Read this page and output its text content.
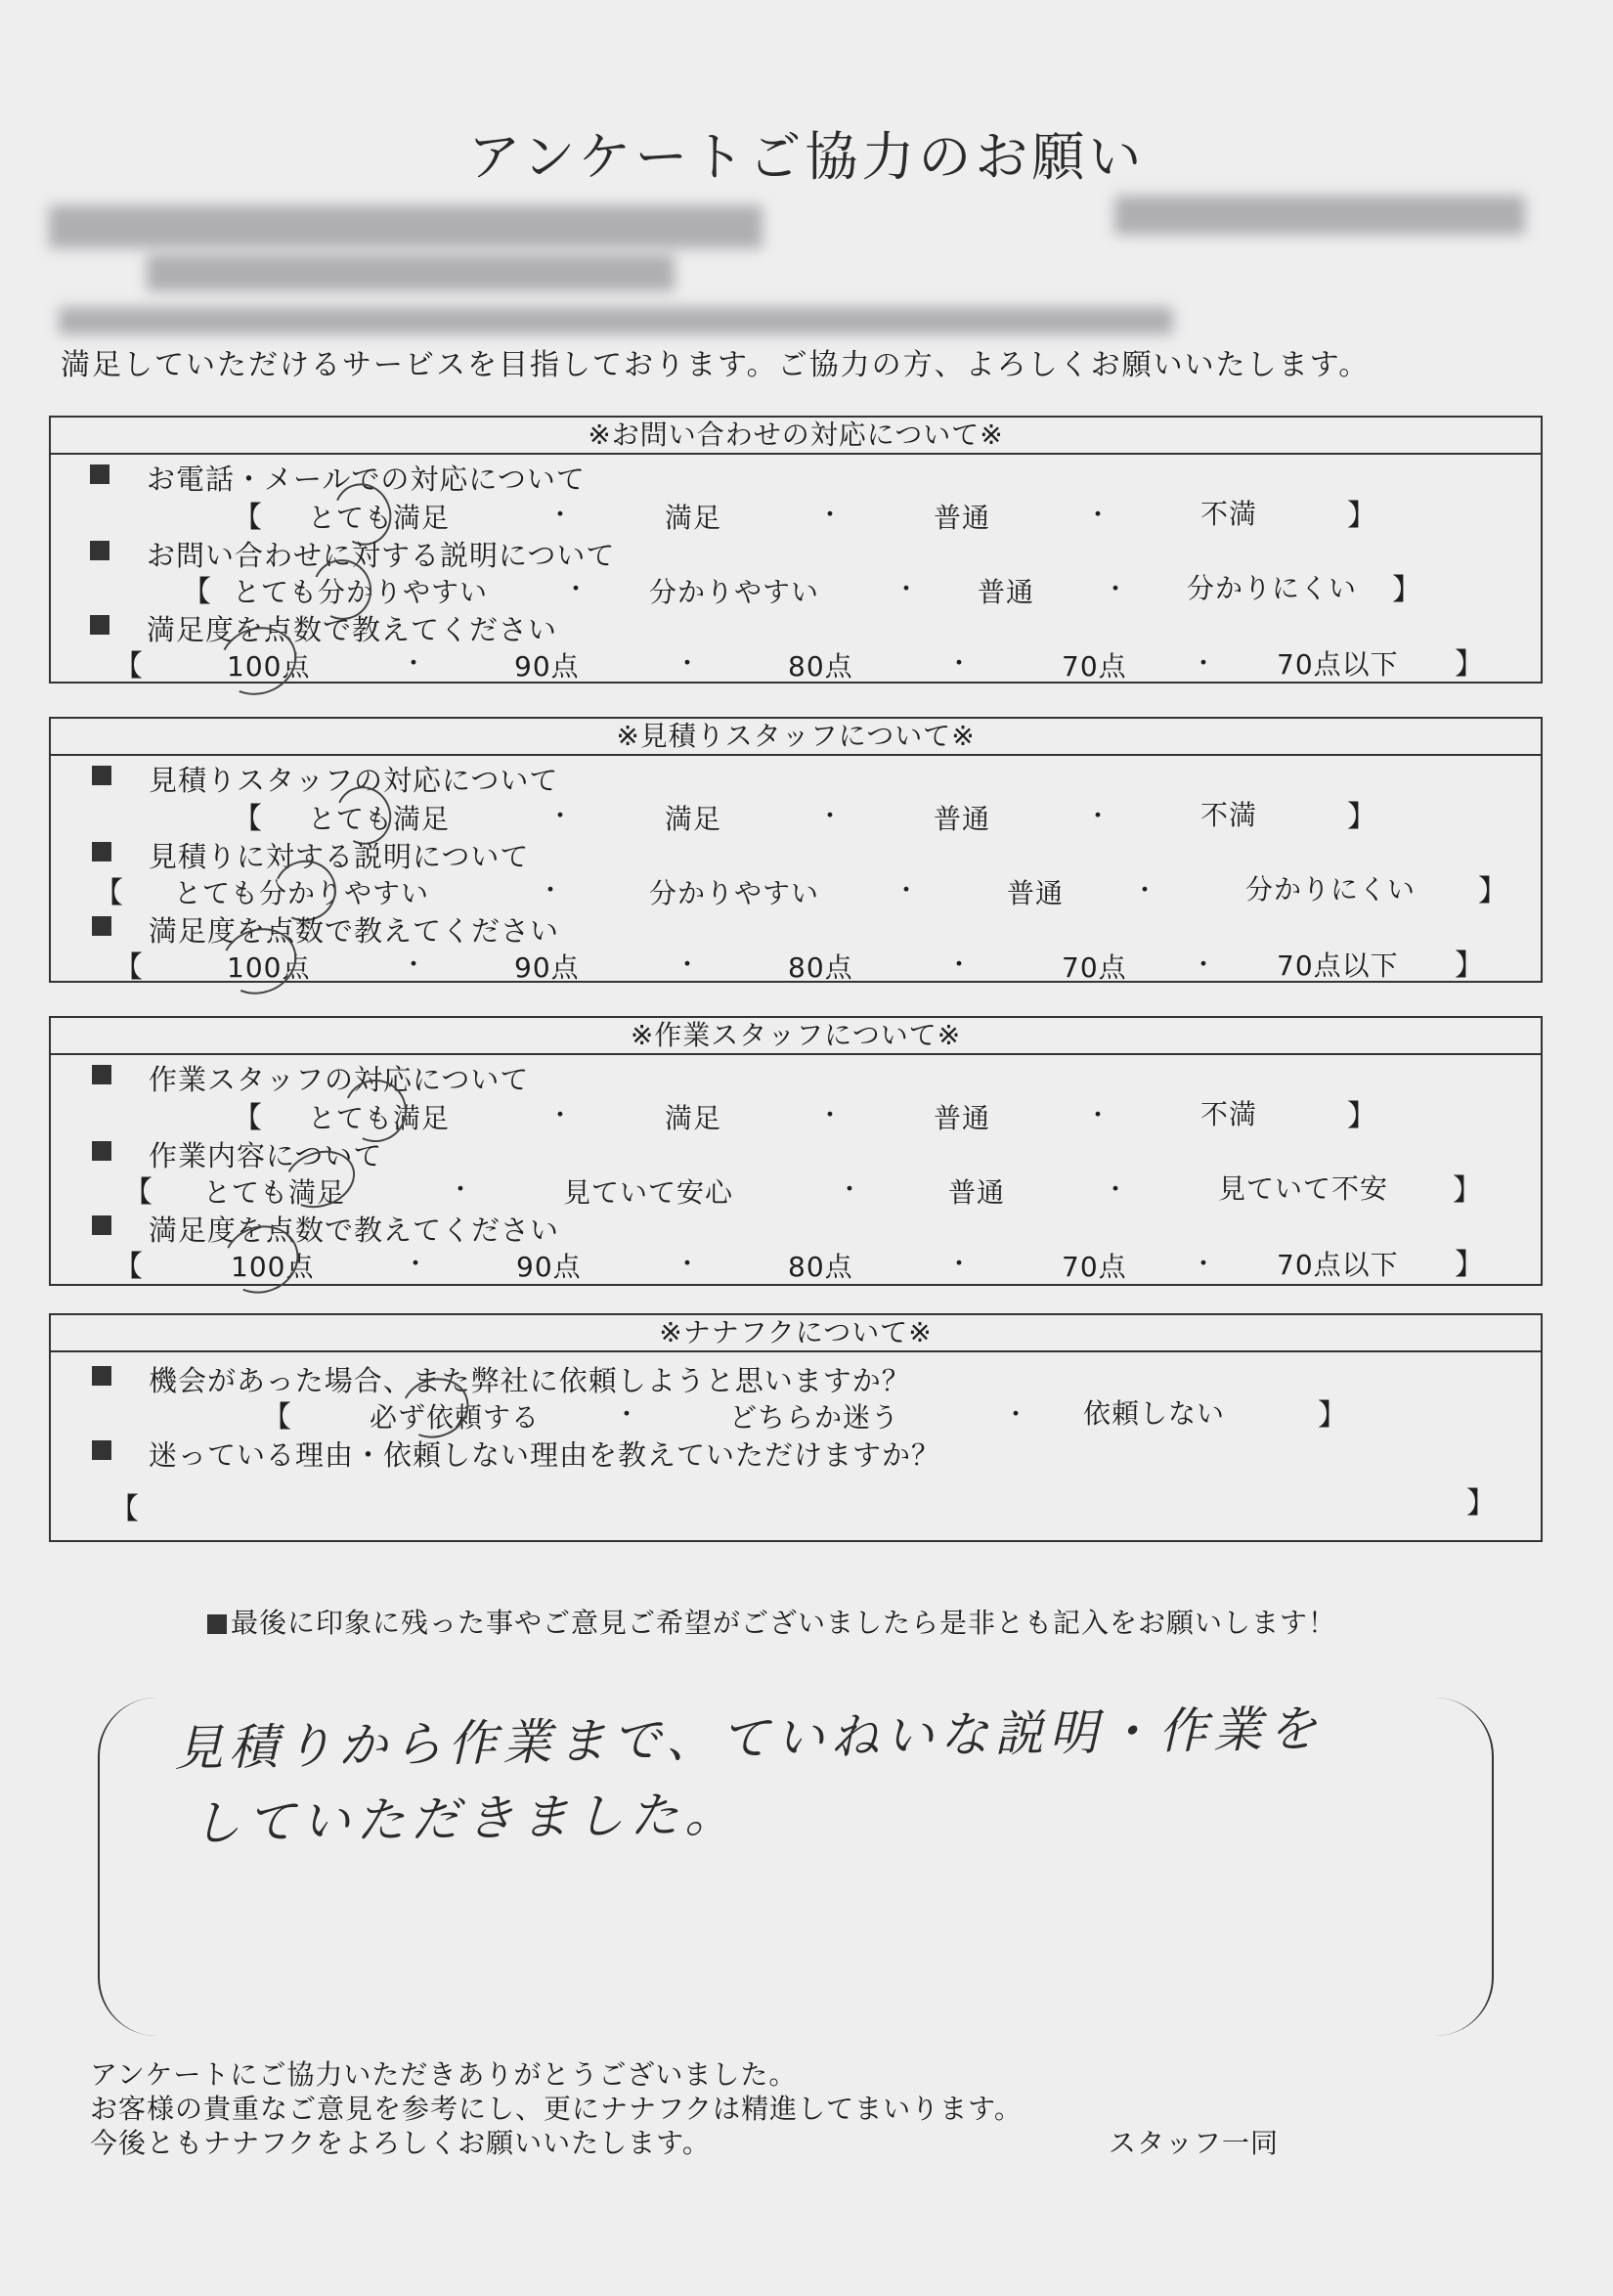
アンケートご協力のお願い
満足していただけるサービスを目指しております。ご協力の方、よろしくお願いいたします。
※お問い合わせの対応について※
お電話・メールでの対応について
【 とても満足	・	満足	・	普通	・	不満	】
お問い合わせに対する説明について
【 とても分かりやすい	・ 分かりやすい	・ 普通	・ 分かりにくい 】
満足度を点数で教えてください
【	100点	・	90点	・	80点	・	70点	・ 70点以下 】
※見積りスタッフについて※
見積りスタッフの対応について
【 とても満足	・	満足	・	普通	・	不満	】
見積りに対する説明について
【 とても分かりやすい	・	分かりやすい	・	普通	・	分かりにくい 】
満足度を点数で教えてください
【	100点	・	90点	・	80点	・	70点	・ 70点以下 】
※作業スタッフについて※
作業スタッフの対応について
【 とても満足	・	満足	・	普通	・	不満	】
作業内容について
【 とても満足	・	見ていて安心	・	普通	・	見ていて不安 】
満足度を点数で教えてください
【	100点	・	90点	・	80点	・	70点	・ 70点以下 】
※ナナフクについて※
機会があった場合、また弊社に依頼しようと思いますか？
【	必ず依頼する	・	どちらか迷う	・ 依頼しない	】
迷っている理由・依頼しない理由を教えていただけますか？
【	】
最後に印象に残った事やご意見ご希望がございましたら是非とも記入をお願いします！
見積りから作業まで、ていねいな説明・作業を
していただきました。
アンケートにご協力いただきありがとうございました。
お客様の貴重なご意見を参考にし、更にナナフクは精進してまいります。
今後ともナナフクをよろしくお願いいたします。	スタッフ一同
